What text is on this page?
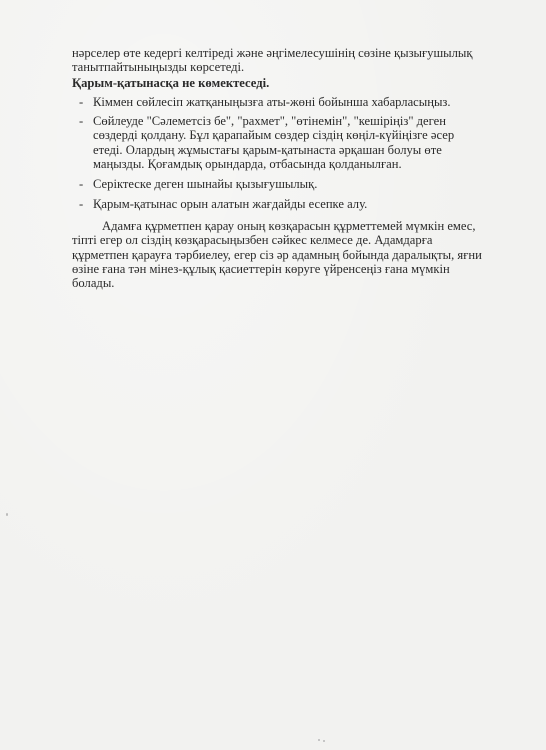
нәрселер өте кедергі келтіреді және әңгімелесушінің сөзіне қызығушылық танытпайтыныңызды көрсетеді.
Қарым-қатынасқа не көмектеседі.
- Кіммен сөйлесіп жатқаныңызға аты-жөні бойынша хабарласыңыз.
- Сөйлеуде "Сәлеметсіз бе", "рахмет", "өтінемін", "кешіріңіз" деген сөздерді қолдану. Бұл қарапайым сөздер сіздің көңіл-күйіңізге әсер етеді. Олардың жұмыстағы қарым-қатынаста әрқашан болуы өте маңызды. Қоғамдық орындарда, отбасында қолданылған.
- Серіктеске деген шынайы қызығушылық.
- Қарым-қатынас орын алатын жағдайды есепке алу.
Адамға құрметпен қарау оның көзқарасын құрметтемей мүмкін емес, тіпті егер ол сіздің көзқарасыңызбен сәйкес келмесе де. Адамдарға құрметпен қарауға тәрбиелеу, егер сіз әр адамның бойында даралықты, яғни өзіне ғана тән мінез-құлық қасиеттерін көруге үйренсеңіз ғана мүмкін болады.
